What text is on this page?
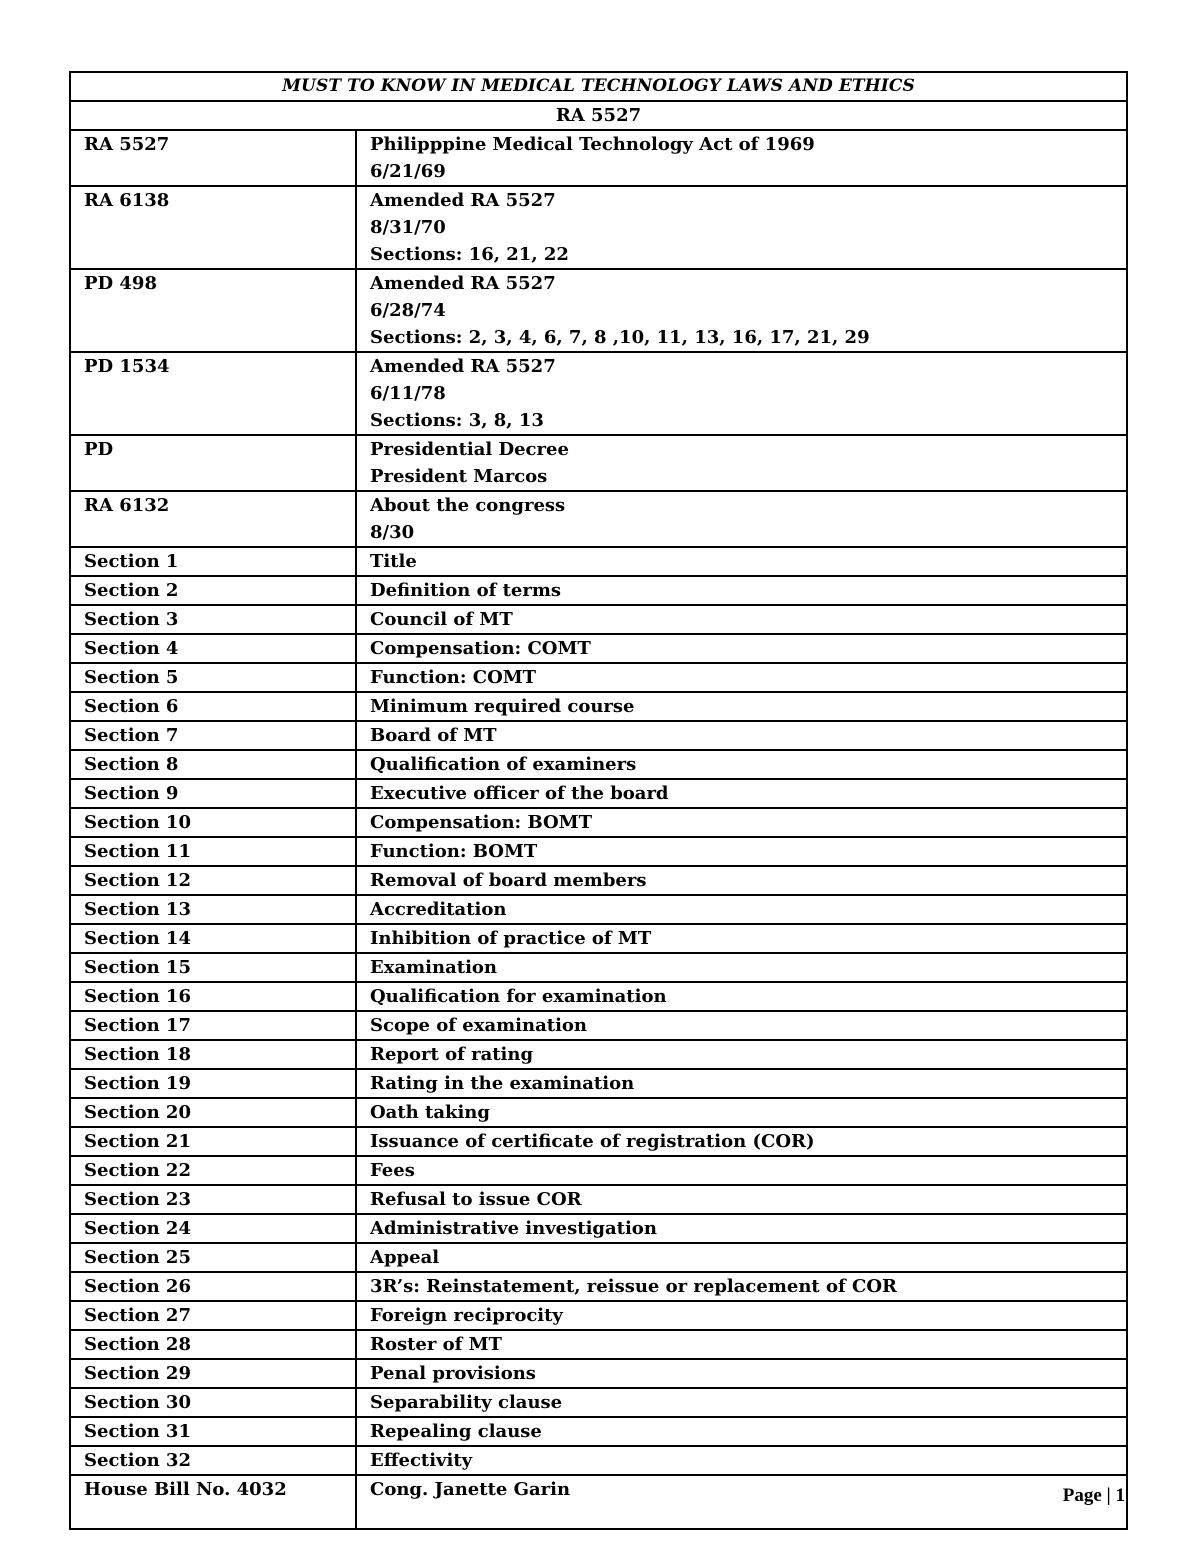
MUST TO KNOW IN MEDICAL TECHNOLOGY LAWS AND ETHICS	
RA 5527	
RA 5527	Philipppine Medical Technology Act of 1969
6/21/69

RA 6138	Amended RA 5527
8/31/70
Sections: 16, 21, 22

PD 498	Amended RA 5527
6/28/74
Sections: 2, 3, 4, 6, 7, 8 ,10, 11, 13, 16, 17, 21, 29

PD 1534	Amended RA 5527
6/11/78
Sections: 3, 8, 13

PD	Presidential Decree
President Marcos

RA 6132	About the congress
8/30

Section 1	Title
Section 2	Definition of terms
Section 3	Council of MT
Section 4	Compensation: COMT
Section 5	Function: COMT
Section 6	Minimum required course
Section 7	Board of MT
Section 8	Qualification of examiners
Section 9	Executive officer of the board
Section 10	Compensation: BOMT
Section 11	Function: BOMT
Section 12	Removal of board members
Section 13	Accreditation
Section 14	Inhibition of practice of MT
Section 15	Examination
Section 16	Qualification for examination
Section 17	Scope of examination
Section 18	Report of rating
Section 19	Rating in the examination
Section 20	Oath taking
Section 21	Issuance of certificate of registration (COR)
Section 22	Fees
Section 23	Refusal to issue COR
Section 24	Administrative investigation
Section 25	Appeal
Section 26	3R’s: Reinstatement, reissue or replacement of COR
Section 27	Foreign reciprocity
Section 28	Roster of MT
Section 29	Penal provisions
Section 30	Separability clause
Section 31	Repealing clause
Section 32	Effectivity
House Bill No. 4032	Cong. Janette Garin	Page | 1
